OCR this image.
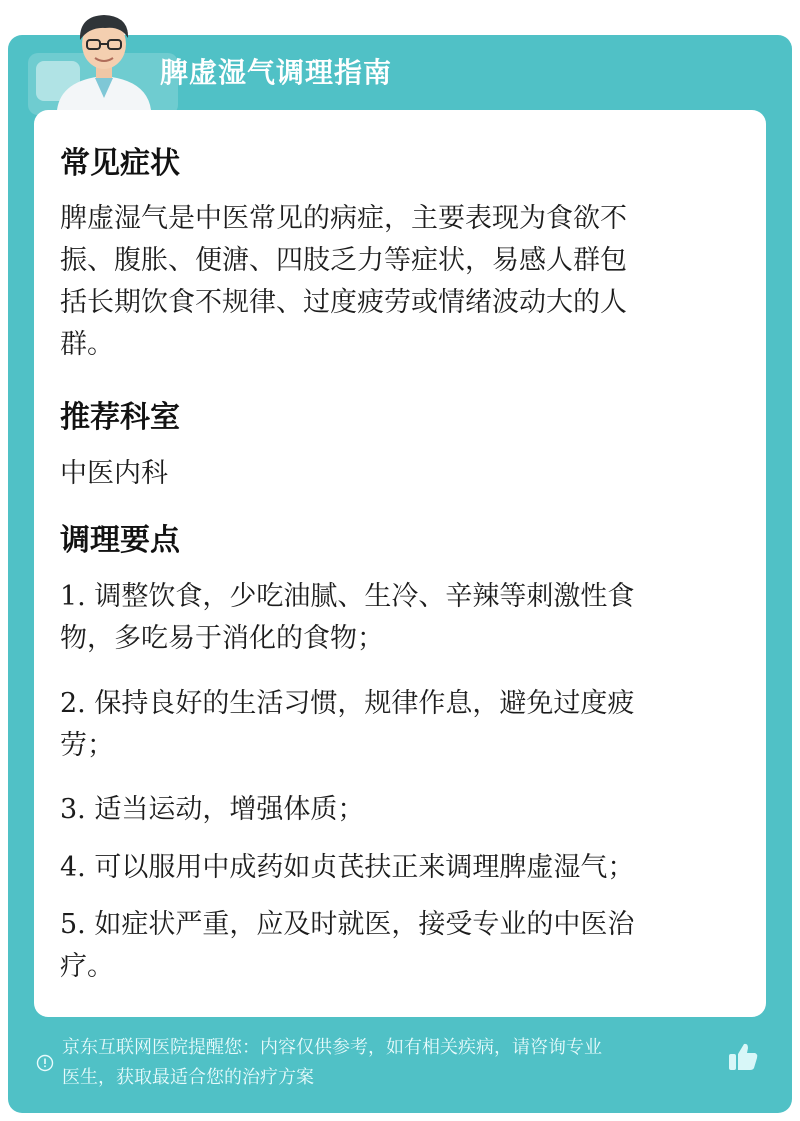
脾虚湿气调理指南
常见症状
脾虚湿气是中医常见的病症，主要表现为食欲不
振、腹胀、便溏、四肢乏力等症状，易感人群包
括长期饮食不规律、过度疲劳或情绪波动大的人
群。
推荐科室
中医内科
调理要点
1. 调整饮食，少吃油腻、生冷、辛辣等刺激性食
物，多吃易于消化的食物；
2. 保持良好的生活习惯，规律作息，避免过度疲
劳；
3. 适当运动，增强体质；
4. 可以服用中成药如贞芪扶正来调理脾虚湿气；
5. 如症状严重，应及时就医，接受专业的中医治
疗。
京东互联网医院提醒您：内容仅供参考，如有相关疾病，请咨询专业
医生，获取最适合您的治疗方案
